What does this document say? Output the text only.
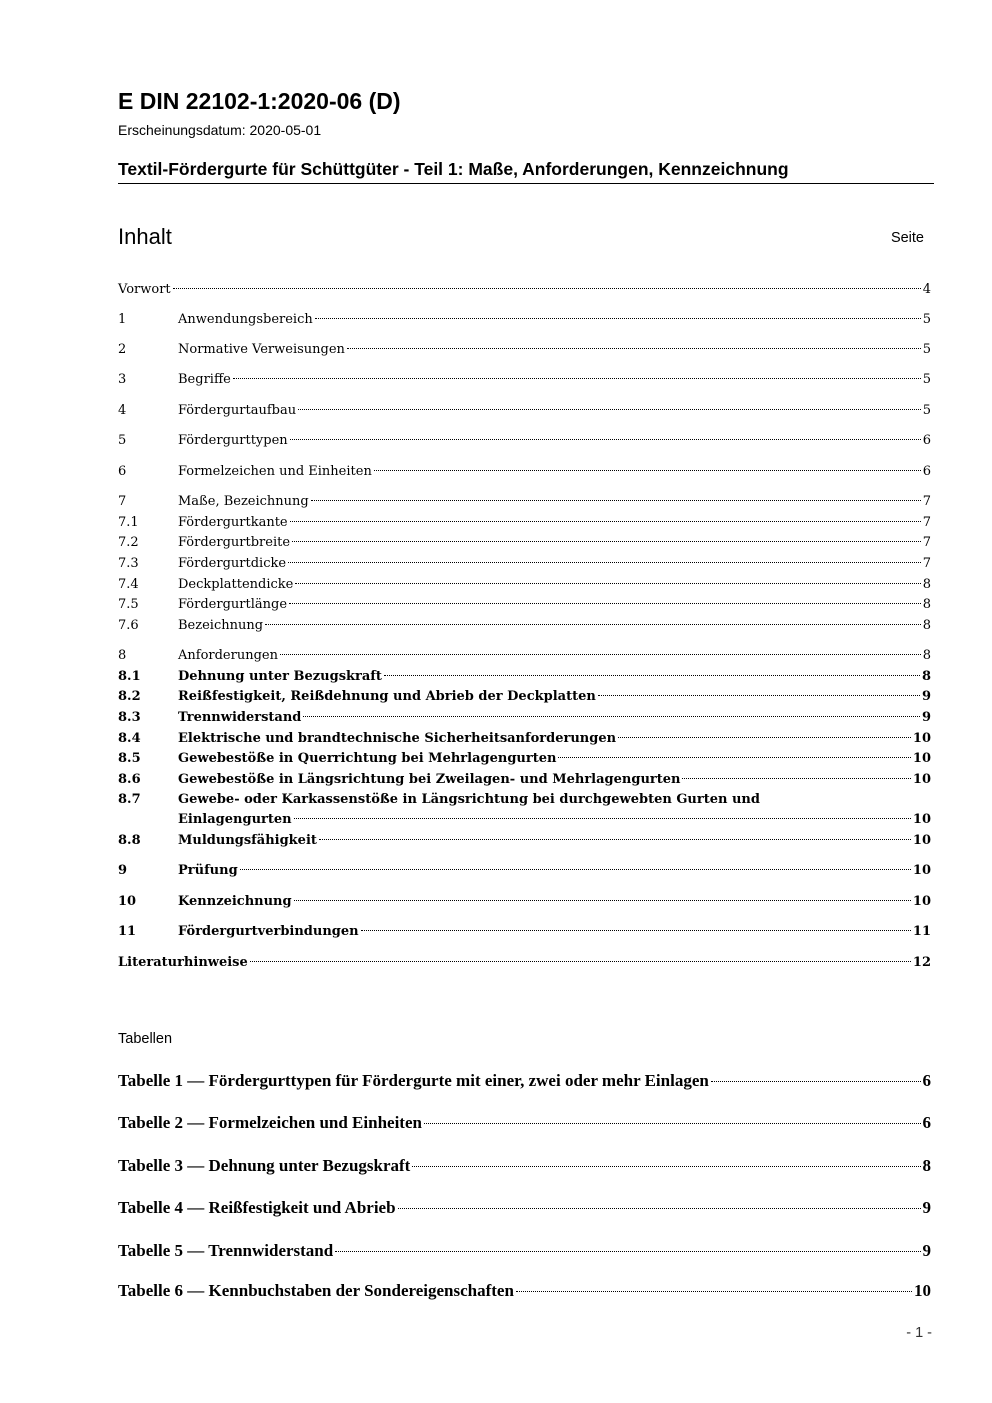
E DIN 22102-1:2020-06 (D)
Erscheinungsdatum: 2020-05-01
Textil-Fördergurte für Schüttgüter - Teil 1: Maße, Anforderungen, Kennzeichnung
Inhalt	Seite
Vorwort	4
1	Anwendungsbereich	5
2	Normative Verweisungen	5
3	Begriffe	5
4	Fördergurtaufbau	5
5	Fördergurttypen	6
6	Formelzeichen und Einheiten	6
7	Maße, Bezeichnung	7
7.1	Fördergurtkante	7
7.2	Fördergurtbreite	7
7.3	Fördergurtdicke	7
7.4	Deckplattendicke	8
7.5	Fördergurtlänge	8
7.6	Bezeichnung	8
8	Anforderungen	8
8.1	Dehnung unter Bezugskraft	8
8.2	Reißfestigkeit, Reißdehnung und Abrieb der Deckplatten	9
8.3	Trennwiderstand	9
8.4	Elektrische und brandtechnische Sicherheitsanforderungen	10
8.5	Gewebestöße in Querrichtung bei Mehrlagengurten	10
8.6	Gewebestöße in Längsrichtung bei Zweilagen- und Mehrlagengurten	10
8.7	Gewebe- oder Karkassenstöße in Längsrichtung bei durchgewebten Gurten und
Einlagengurten	10
8.8	Muldungsfähigkeit	10
9	Prüfung	10
10	Kennzeichnung	10
11	Fördergurtverbindungen	11
Literaturhinweise	12
Tabellen
Tabelle 1 — Fördergurttypen für Fördergurte mit einer, zwei oder mehr Einlagen	6
Tabelle 2 — Formelzeichen und Einheiten	6
Tabelle 3 — Dehnung unter Bezugskraft	8
Tabelle 4 — Reißfestigkeit und Abrieb	9
Tabelle 5 — Trennwiderstand	9
Tabelle 6 — Kennbuchstaben der Sondereigenschaften	10
- 1 -
